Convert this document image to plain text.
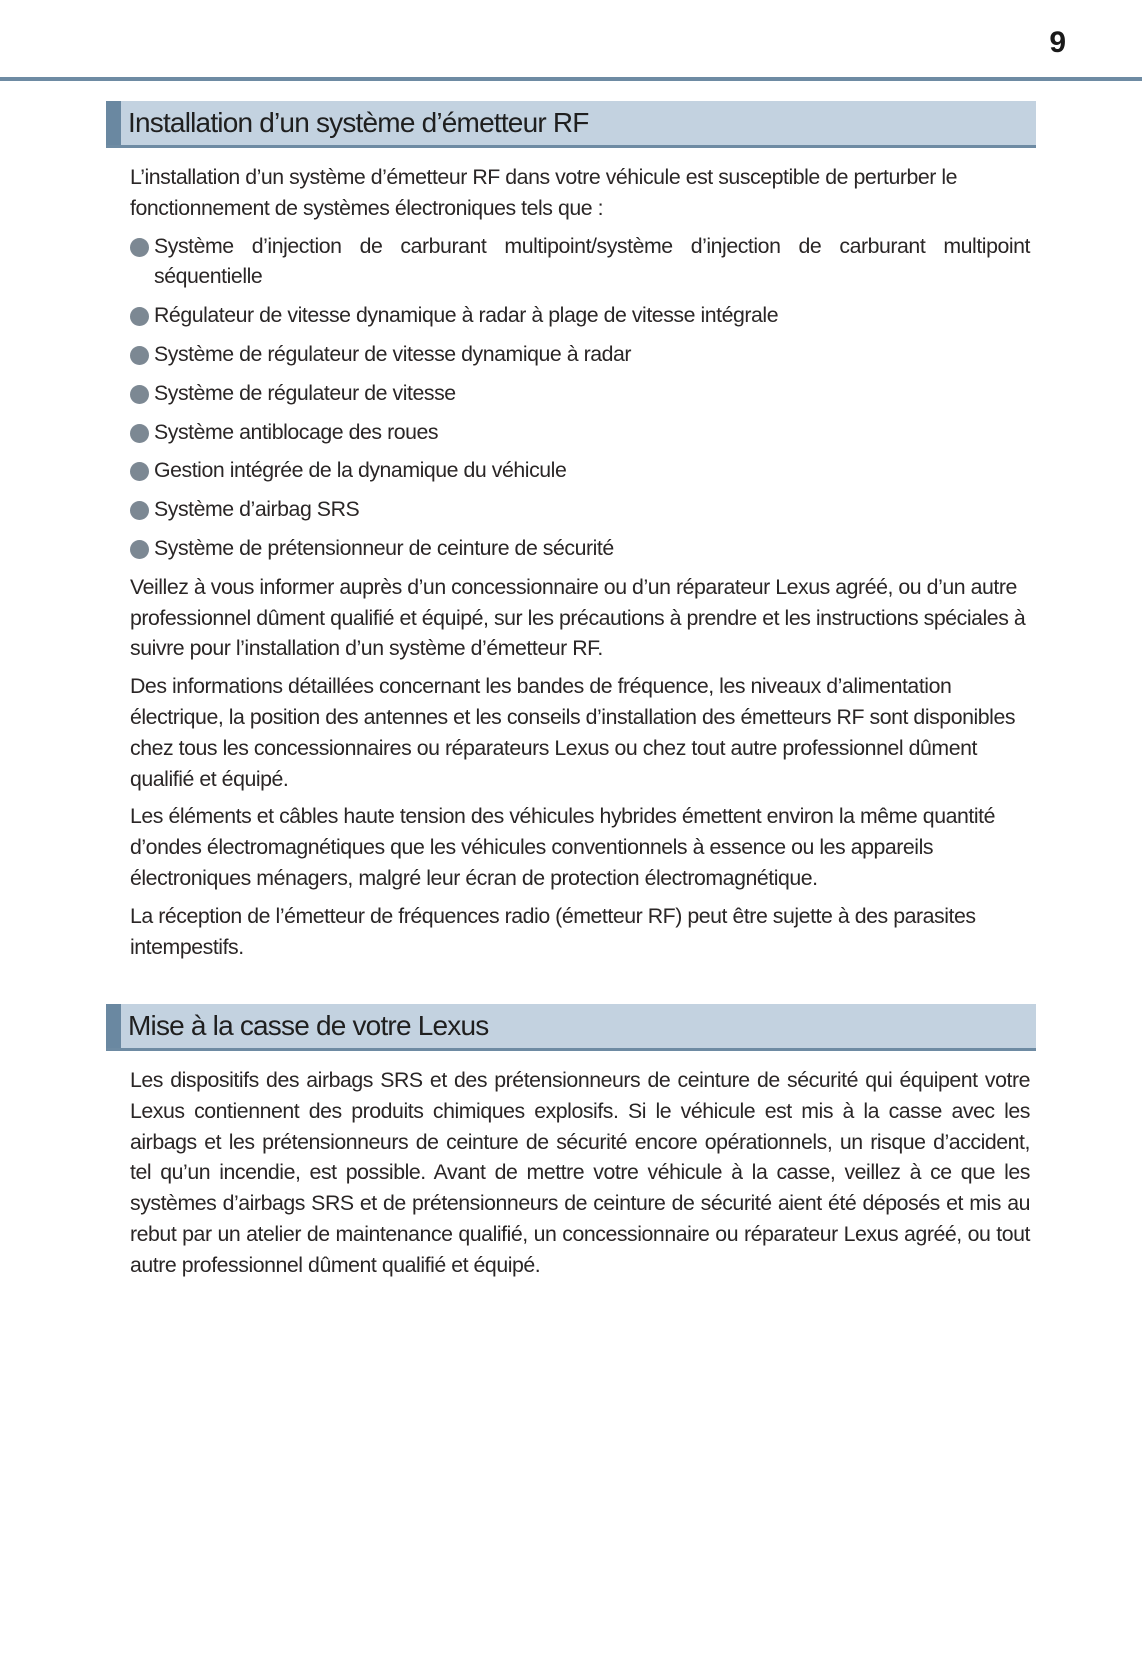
9
Installation d’un système d’émetteur RF

L’installation d’un système d’émetteur RF dans votre véhicule est susceptible de perturber le fonctionnement de systèmes électroniques tels que :

Système d’injection de carburant multipoint/système d’injection de carburant multipoint séquentielle
Régulateur de vitesse dynamique à radar à plage de vitesse intégrale
Système de régulateur de vitesse dynamique à radar
Système de régulateur de vitesse
Système antiblocage des roues
Gestion intégrée de la dynamique du véhicule
Système d’airbag SRS
Système de prétensionneur de ceinture de sécurité

Veillez à vous informer auprès d’un concessionnaire ou d’un réparateur Lexus agréé, ou d’un autre professionnel dûment qualifié et équipé, sur les précautions à prendre et les instructions spéciales à suivre pour l’installation d’un système d’émetteur RF.

Des informations détaillées concernant les bandes de fréquence, les niveaux d’alimentation électrique, la position des antennes et les conseils d’installation des émetteurs RF sont disponibles chez tous les concessionnaires ou réparateurs Lexus ou chez tout autre professionnel dûment qualifié et équipé.

Les éléments et câbles haute tension des véhicules hybrides émettent environ la même quantité d’ondes électromagnétiques que les véhicules conventionnels à essence ou les appareils électroniques ménagers, malgré leur écran de protection électromagnétique.

La réception de l’émetteur de fréquences radio (émetteur RF) peut être sujette à des parasites intempestifs.

Mise à la casse de votre Lexus

Les dispositifs des airbags SRS et des prétensionneurs de ceinture de sécurité qui équipent votre Lexus contiennent des produits chimiques explosifs. Si le véhicule est mis à la casse avec les airbags et les prétensionneurs de ceinture de sécurité encore opérationnels, un risque d’accident, tel qu’un incendie, est possible. Avant de mettre votre véhicule à la casse, veillez à ce que les systèmes d’airbags SRS et de prétensionneurs de ceinture de sécurité aient été déposés et mis au rebut par un atelier de maintenance qualifié, un concessionnaire ou réparateur Lexus agréé, ou tout autre professionnel dûment qualifié et équipé.
